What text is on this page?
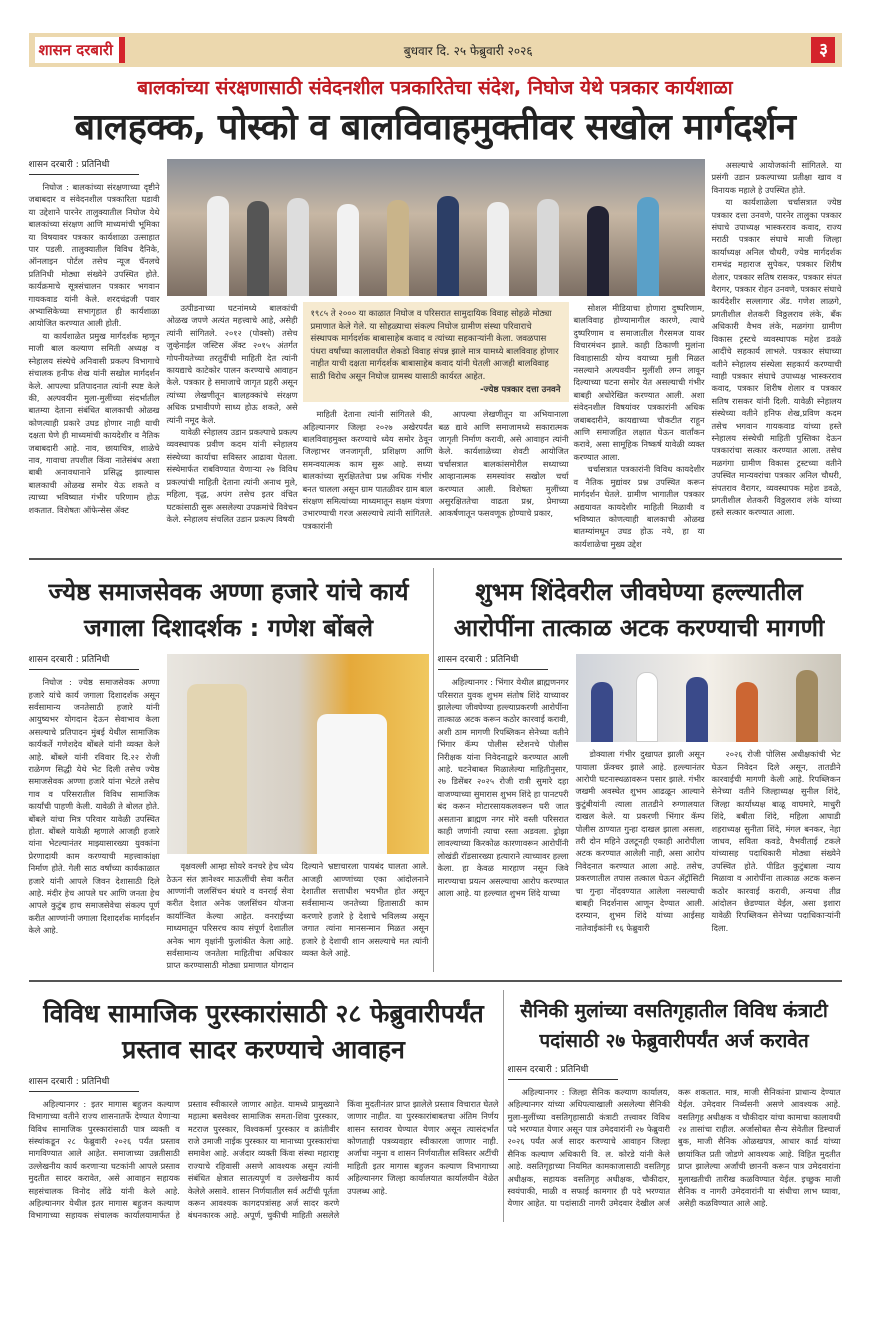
शासन दरबारी	बुधवार दि. २५ फेब्रुवारी २०२६	३
बालकांच्या संरक्षणासाठी संवेदनशील पत्रकारितेचा संदेश, निघोज येथे पत्रकार कार्यशाळा
बालहक्क, पोस्को व बालविवाहमुक्तीवर सखोल मार्गदर्शन
शासन दरबारी : प्रतिनिधी

निघोज : बालकांच्या संरक्षणाच्या दृष्टीने जबाबदार व संवेदनशील पत्रकारिता घडावी या उद्देशाने पारनेर तालुक्यातील निघोज येथे बालकांच्या संरक्षण आणि माध्यमांची भूमिका या विषयावर पत्रकार कार्यशाळा उत्साहात पार पडली. तालुक्यातील विविध दैनिके, ऑनलाइन पोर्टल तसेच न्यूज चॅनलचे प्रतिनिधी मोठ्या संख्येने उपस्थित होते. कार्यक्रमाचे सूत्रसंचालन पत्रकार भगवान गायकवाड यांनी केले. शरदचंद्रजी पवार अभ्यासिकेच्या सभागृहात ही कार्यशाळा आयोजित करण्यात आली होती.

या कार्यशाळेत प्रमुख मार्गदर्शक म्हणून माजी बाल कल्याण समिती अध्यक्ष व स्नेहालय संस्थेचे अनिवासी प्रकल्प विभागाचे संचालक हनीफ शेख यांनी सखोल मार्गदर्शन केले. आपल्या प्रतिपादनात त्यांनी स्पष्ट केले की, अल्पवयीन मुला-मुलींच्या संदर्भातील बातम्या देताना संबंधित बालकाची ओळख कोणत्याही प्रकारे उघड होणार नाही याची दक्षता घेणे ही माध्यमांची कायदेशीर व नैतिक जबाबदारी आहे. नाव, छायाचित्र, शाळेचे नाव, गावाचा तपशील किंवा नातेसंबंध अशा बाबी अनावधानाने प्रसिद्ध झाल्यास बालकाची ओळख समोर येऊ शकते व त्याच्या भविष्यात गंभीर परिणाम होऊ शकतात. विशेषतः ऑफेन्सेस ॲक्ट

उत्पीडनाच्या घटनांमध्ये बालकांची ओळख जपणे अत्यंत महत्त्वाचे आहे, असेही त्यांनी सांगितले. २०१२ (पोक्सो) तसेच जुव्हेनाईल जस्टिस ॲक्ट २०१५ अंतर्गत गोपनीयतेच्या तरतुदींची माहिती देत त्यांनी कायद्याचे काटेकोर पालन करण्याचे आवाहन केले. पत्रकार हे समाजाचे जागृत प्रहरी असून त्यांच्या लेखणीतून बालहक्कांचे संरक्षण अधिक प्रभावीपणे साध्य होऊ शकते, असे त्यांनी नमूद केले.

यावेळी स्नेहालय उडान प्रकल्पाचे प्रकल्प व्यवस्थापक प्रवीण कदम यांनी स्नेहालय संस्थेच्या कार्याचा सविस्तर आढावा घेतला. संस्थेमार्फत राबविण्यात येणाऱ्या २७ विविध प्रकल्पांची माहिती देताना त्यांनी अनाथ मुले, महिला, वृद्ध, अपंग तसेच इतर वंचित घटकांसाठी सुरू असलेल्या उपक्रमांचे विवेचन केले. स्नेहालय संचलित उडान प्रकल्प विषयी

१९८५ ते २००० या काळात निघोज व परिसरात सामुदायिक विवाह सोहळे मोठ्या प्रमाणात केले गेले. या सोहळ्याचा संकल्प निघोज ग्रामीण संस्था परिवाराचे संस्थापक मार्गदर्शक बाबासाहेब कवाद व त्यांच्या सहकाऱ्यांनी केला. जवळपास पंधरा वर्षांच्या कालावधीत शेकडो विवाह संपन्न झाले मात्र यामध्ये बालविवाह होणार नाहीत याची दक्षता मार्गदर्शक बाबासाहेब कवाद यांनी घेतली आजही बालविवाह साठी विरोध असून निघोज ग्रामस्थ यासाठी कार्यरत आहेत.
-ज्येष्ठ पत्रकार दत्ता उनवने

माहिती देताना त्यांनी सांगितले की, अहिल्यानगर जिल्हा २०२७ अखेरपर्यंत बालविवाहमुक्त करण्याचे ध्येय समोर ठेवून जिल्हाभर जनजागृती, प्रशिक्षण आणि समन्वयात्मक काम सुरू आहे. सध्या बालकांच्या सुरक्षिततेचा प्रश्न अधिक गंभीर बनत चालला असून ग्राम पातळीवर ग्राम बाल संरक्षण समित्यांच्या माध्यमातून सक्षम यंत्रणा उभारण्याची गरज असल्याचे त्यांनी सांगितले. पत्रकारांनी

आपल्या लेखणीतून या अभियानाला बळ द्यावे आणि समाजामध्ये सकारात्मक जागृती निर्माण करावी, असे आवाहन त्यांनी केले. कार्यशाळेच्या शेवटी आयोजित चर्चासत्रात बालकांसमोरील सध्याच्या आव्हानात्मक समस्यांवर सखोल चर्चा करण्यात आली. विशेषतः मुलींच्या असुरक्षिततेचा वाढता प्रश्न, प्रेमाच्या आकर्षणातून फसवणूक होण्याचे प्रकार,

सोशल मीडियाचा होणारा दुष्परिणाम, बालविवाह होण्यामागील कारणे, त्याचे दुष्परिणाम व समाजातील गैरसमज यावर विचारमंथन झाले. काही ठिकाणी मुलांना विवाहासाठी योग्य वयाच्या मुली मिळत नसल्याने अल्पवयीन मुलींशी लग्न लावून दिल्याच्या घटना समोर येत असल्याची गंभीर बाबही अधोरेखित करण्यात आली. अशा संवेदनशील विषयांवर पत्रकारांनी अधिक जबाबदारीने, कायद्याच्या चौकटीत राहून आणि समाजहित लक्षात घेऊन वार्तांकन करावे, असा सामूहिक निष्कर्ष यावेळी व्यक्त करण्यात आला.

चर्चासत्रात पत्रकारांनी विविध कायदेशीर व नैतिक मुद्यांवर प्रश्न उपस्थित करून मार्गदर्शन घेतले. ग्रामीण भागातील पत्रकार अद्ययावत कायदेशीर माहिती मिळावी व भविष्यात कोणत्याही बालकाची ओळख बातम्यांमधून उघड होऊ नये, हा या कार्यशाळेचा मुख्य उद्देश

असल्याचे आयोजकांनी सांगितले. या प्रसंगी उडान प्रकल्पाच्या प्रतीक्षा खाव व विनायक महाले हे उपस्थित होते.

या कार्यशाळेला चर्चासत्रात ज्येष्ठ पत्रकार दत्ता उनवणे, पारनेर तालुका पत्रकार संघाचे उपाध्यक्ष भास्करराव कवाद, राज्य मराठी पत्रकार संघाचे माजी जिल्हा कार्याध्यक्ष अनिल चौधरी, ज्येष्ठ मार्गदर्शक रामचंद्र महाराज सुपेकर, पत्रकार शिरीष शेलार, पत्रकार सतिष रासकर, पत्रकार संपत वैरागर, पत्रकार रोहन उनवणे, पत्रकार संघाचे कार्यदेशीर सल्लागार ॲड. गणेश लाळगे, प्रगतीशील शेतकरी विठ्ठलराव लंके, बँक अधिकारी वैभव लंके, मळगंगा ग्रामीण विकास ट्रस्टचे व्यवस्थापक महेश डवळे आदींचे सहकार्य लाभले. पत्रकार संघाच्या वतीने स्नेहालय संस्थेला सहकार्य करण्याची ग्वाही पत्रकार संघाचे उपाध्यक्ष भास्करराव कवाद, पत्रकार शिरीष शेलार व पत्रकार सतिष रासकर यांनी दिली. यावेळी स्नेहालय संस्थेच्या वतीने हनिफ शेख,प्रविण कदम तसेच भगवान गायकवाड यांच्या हस्ते स्नेहालय संस्थेची माहिती पुस्तिका देऊन पत्रकारांचा सत्कार करण्यात आला. तसेच मळगंगा ग्रामीण विकास ट्रस्टच्या वतीने उपस्थित मान्यवरांचा पत्रकार अनिल चौधरी, संपतराव वैरागर, व्यवस्थापक महेश डवळे, प्रगतीशील शेतकरी विठ्ठलराव लंके यांच्या हस्ते सत्कार करण्यात आला.

ज्येष्ठ समाजसेवक अण्णा हजारे यांचे कार्य जगाला दिशादर्शक : गणेश बोंबले
शासन दरबारी : प्रतिनिधी

निघोज : ज्येष्ठ समाजसेवक अण्णा हजारे यांचे कार्य जगाला दिशादर्शक असून सर्वसामान्य जनतेसाठी हजारे यांनी आयुष्यभर योगदान देऊन सेवाभाव केला असल्याचे प्रतिपादन मुंबई येथील सामाजिक कार्यकर्ते गणेशदेव बोंबले यांनी व्यक्त केले आहे. बोंबले यांनी रविवार दि.२२ रोजी राळेगण सिद्धी येथे भेट दिली तसेच ज्येष्ठ समाजसेवक अण्णा हजारे यांना भेटले तसेच गाव व परिसरातील विविध सामाजिक कार्यांची पाहणी केली. यावेळी ते बोलत होते. बोंबले यांचा मित्र परिवार यावेळी उपस्थित होता. बोंबले यावेळी म्हणाले आजही हजारे यांना भेटल्यानंतर माझ्यासारख्या युवकांना प्रेरणादायी काम करण्याची महत्त्वाकांक्षा निर्माण होते. गेली साठ वर्षांच्या कार्यकाळात हजारे यांनी आपले जिवन देशासाठी दिले आहे. मंदीर हेच आपले घर आणि जनता हेच आपले कुटुंब हाच समाजसेवेचा संकल्प पूर्ण करीत आण्णांनी जगाला दिशादर्शक मार्गदर्शन केले आहे.

वृक्षवल्ली आम्हा सोयरे वनचरे हेच ध्येय ठेऊन संत ज्ञानेश्वर माऊलींची सेवा करीत आण्णांनी जलसिंचन बंधारे व वनराई सेवा करीत देशात अनेक जलसिंचन योजना कार्यान्वित केल्या आहेत. वनराईच्या माध्यमातून परिसरच काय संपूर्ण देशातील अनेक भाग वृक्षांनी फुलांकीत केला आहे. सर्वसामान्य जनतेला माहितीचा अधिकार प्राप्त करण्यासाठी मोठ्या प्रमाणात योगदान दिल्याने भ्रष्टाचारला पायबंद घालता आले. आजही आण्णांच्या एका आंदोलनाने देशातील सत्ताधीश भयभीत होत असून सर्वसामान्य जनतेच्या हितासाठी काम करणारे हजारे हे देशाचे भविलव्य असून जगात त्यांना मानसन्मान मिळत असून हजारे हे देशाची शान असल्याचे मत त्यांनी व्यक्त केले आहे.

शुभम शिंदेवरील जीवघेण्या हल्ल्यातील आरोपींना तात्काळ अटक करण्याची मागणी
शासन दरबारी : प्रतिनिधी

अहिल्यानगर : भिंगार येथील ब्राह्मणनगर परिसरात युवक शुभम संतोष शिंदे याच्यावर झालेल्या जीवघेण्या हल्ल्याप्रकरणी आरोपींना तात्काळ अटक करून कठोर कारवाई करावी, अशी ठाम मागणी रिपब्लिकन सेनेच्या वतीने भिंगार कॅम्प पोलीस स्टेशनचे पोलीस निरीक्षक यांना निवेदनाद्वारे करण्यात आली आहे. घटनेबाबत मिळालेल्या माहितीनुसार, २७ डिसेंबर २०२५ रोजी रात्री सुमारे दहा वाजण्याच्या सुमारास शुभम शिंदे हा पानटपरी बंद करून मोटारसायकलवरून घरी जात असताना ब्राह्मण नगर मोरे वस्ती परिसरात काही जणांनी त्याचा रस्ता अडवला. ड्रोझा लावल्याच्या किरकोळ कारणावरून आरोपींनी लोखंडी रॉडसारख्या हत्याराने त्याच्यावर हल्ला केला. हा केवळ मारहाण नसून जिवे मारण्याचा प्रयत्न असल्याचा आरोप करण्यात आला आहे. या हल्ल्यात शुभम शिंदे याच्या

डोक्याला गंभीर दुखापत झाली असून पायाला फ्रॅक्चर झाले आहे. हल्ल्यानंतर आरोपी घटनास्थळावरून पसार झाले. गंभीर जखमी अवस्थेत शुभम आढळून आल्याने कुटुंबीयांनी त्याला तातडीने रुग्णालयात दाखल केले. या प्रकरणी भिंगार कॅम्प पोलीस ठाण्यात गुन्हा दाखल झाला असला, तरी दोन महिने उलटूनही एकाही आरोपीला अटक करण्यात आलेली नाही, असा आरोप निवेदनात करण्यात आला आहे. तसेच, प्रकरणातील तपास तत्काल घेऊन ॲट्रॉसिटी चा गुन्हा नोंदवण्यात आलेला नसल्याची बाबही निदर्शनास आणून देण्यात आली. दरम्यान, शुभम शिंदे यांच्या आईसह नातेवाईकांनी १६ फेब्रुवारी

२०२६ रोजी पोलिस अधीक्षकांची भेट घेऊन निवेदन दिले असून, तातडीने कारवाईची मागणी केली आहे. रिपब्लिकन सेनेच्या वतीने जिल्हाध्यक्ष सुनील शिंदे, जिल्हा कार्याध्यक्ष बाळू वाघमारे, माधुरी शिंदे, बबीता शिंदे, महिला आघाडी शहराध्यक्ष सुनीता शिंदे, मंगल बनकर, नेहा जाधव, सविता कवडे, वैभवीताई टकले यांच्यासह पदाधिकारी मोठ्या संख्येने उपस्थित होते. पीडित कुटुंबाला न्याय मिळावा व आरोपींना तात्काळ अटक करून कठोर कारवाई करावी, अन्यथा तीव्र आंदोलन छेडण्यात येईल, असा इशारा यावेळी रिपब्लिकन सेनेच्या पदाधिकाऱ्यांनी दिला.

विविध सामाजिक पुरस्कारांसाठी २८ फेब्रुवारीपर्यंत प्रस्ताव सादर करण्याचे आवाहन
शासन दरबारी : प्रतिनिधी

अहिल्यानगर : इतर मागास बहुजन कल्याण विभागाच्या वतीने राज्य शासनातर्फे देण्यात येणाऱ्या विविध सामाजिक पुरस्कारांसाठी पात्र व्यक्ती व संस्थांकडून २८ फेब्रुवारी २०२६ पर्यंत प्रस्ताव मागविण्यात आले आहेत. समाजाच्या उन्नतीसाठी उल्लेखनीय कार्य करणाऱ्या घटकांनी आपले प्रस्ताव मुदतीत सादर करावेत, असे आवाहन सहायक सहसंचालक विनोद लोंढे यांनी केले आहे. अहिल्यानगर येथील इतर मागास बहुजन कल्याण विभागाच्या सहायक संचालक कार्यालयामार्फत हे प्रस्ताव स्वीकारले जाणार आहेत. यामध्ये प्रामुख्याने महात्मा बसवेश्वर सामाजिक समता-शिवा पुरस्कार, मटराज पुरस्कार, विश्वकर्मा पुरस्कार व क्रांतीवीर राजे उमाजी नाईक पुरस्कार या मानाच्या पुरस्कारांचा समावेश आहे. अर्जदार व्यक्ती किंवा संस्था महाराष्ट्र राज्याचे रहिवासी असणे आवश्यक असून त्यांनी संबंधित क्षेत्रात सातत्यपूर्ण व उल्लेखनीय कार्य केलेले असावे. शासन निर्णयातील सर्व अटींची पूर्तता करून आवश्यक कागदपत्रांसह अर्ज सादर करणे बंधनकारक आहे. अपूर्ण, चुकीची माहिती असलेले किंवा मुदतीनंतर प्राप्त झालेले प्रस्ताव विचारात घेतले जाणार नाहीत. या पुरस्कारांबाबतचा अंतिम निर्णय शासन स्तरावर घेण्यात येणार असून त्यासंदर्भात कोणताही पत्रव्यवहार स्वीकारला जाणार नाही. अर्जाचा नमुना व शासन निर्णयातील सविस्तर अटींची माहिती इतर मागास बहुजन कल्याण विभागाच्या अहिल्यानगर जिल्हा कार्यालयात कार्यालयीन वेळेत उपलब्ध आहे.

सैनिकी मुलांच्या वसतिगृहातील विविध कंत्राटी पदांसाठी २७ फेब्रुवारीपर्यंत अर्ज करावेत
शासन दरबारी : प्रतिनिधी

अहिल्यानगर : जिल्हा सैनिक कल्याण कार्यालय, अहिल्यानगर यांच्या अधिपत्याखाली असलेल्या सैनिकी मुला-मुलींच्या वसतिगृहासाठी कंत्राटी तत्त्वावर विविध पदे भरण्यात येणार असून पात्र उमेदवारांनी २७ फेब्रुवारी २०२६ पर्यंत अर्ज सादर करण्याचे आवाहन जिल्हा सैनिक कल्याण अधिकारी वि. ल. कोरडे यांनी केले आहे. वसतिगृहाच्या नियमित कामकाजासाठी वसतिगृह अधीक्षक, सहायक वसतिगृह अधीक्षक, चौकीदार, स्वयंपाकी, माळी व सफाई कामगार ही पदे भरण्यात येणार आहेत. या पदांसाठी नागरी उमेदवार देखील अर्ज करू शकतात. मात्र, माजी सैनिकांना प्राधान्य देण्यात येईल. उमेदवार निर्व्यसनी असणे आवश्यक आहे. वसतिगृह अधीक्षक व चौकीदार यांचा कामाचा कालावधी २४ तासांचा राहील. अर्जासोबत सैन्य सेवेतील डिस्चार्ज बुक, माजी सैनिक ओळखपत्र, आधार कार्ड यांच्या छायांकित प्रती जोडणे आवश्यक आहे. विहित मुदतीत प्राप्त झालेल्या अर्जांची छाननी करून पात्र उमेदवारांना मुलाखतीची तारीख कळविण्यात येईल. इच्छुक माजी सैनिक व नागरी उमेदवारांनी या संधीचा लाभ घ्यावा, असेही कळविण्यात आले आहे.
